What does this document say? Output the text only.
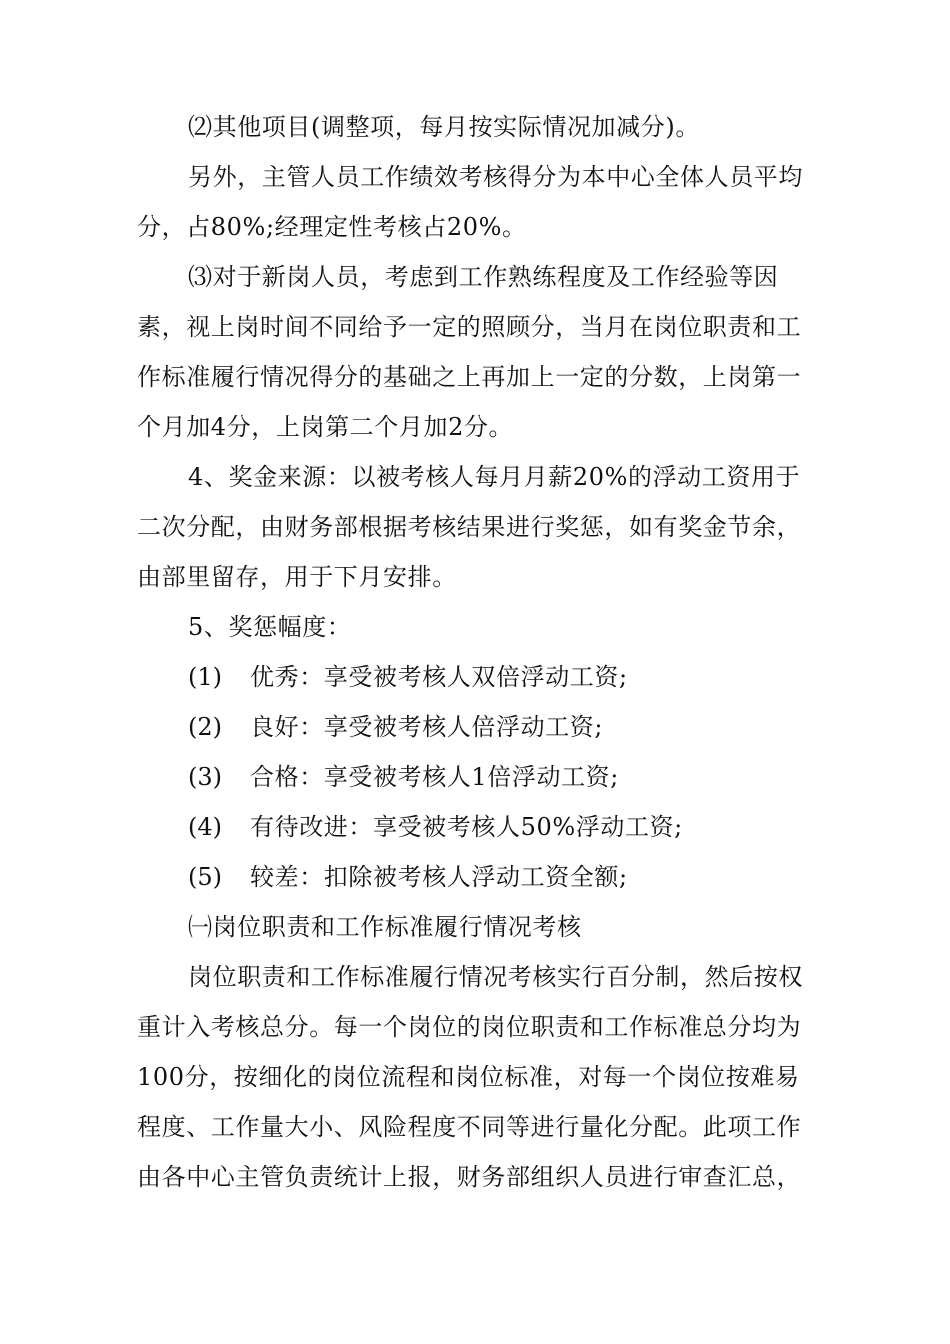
⑵其他项目(调整项，每月按实际情况加减分)。
另外，主管人员工作绩效考核得分为本中心全体人员平均
分，占80%;经理定性考核占20%。
⑶对于新岗人员，考虑到工作熟练程度及工作经验等因
素，视上岗时间不同给予一定的照顾分，当月在岗位职责和工
作标准履行情况得分的基础之上再加上一定的分数，上岗第一
个月加4分，上岗第二个月加2分。
4、奖金来源：以被考核人每月月薪20%的浮动工资用于
二次分配，由财务部根据考核结果进行奖惩，如有奖金节余，
由部里留存，用于下月安排。
5、奖惩幅度：
(1) 优秀：享受被考核人双倍浮动工资;
(2) 良好：享受被考核人倍浮动工资;
(3) 合格：享受被考核人1倍浮动工资;
(4) 有待改进：享受被考核人50%浮动工资;
(5) 较差：扣除被考核人浮动工资全额;
㈠岗位职责和工作标准履行情况考核
岗位职责和工作标准履行情况考核实行百分制，然后按权
重计入考核总分。每一个岗位的岗位职责和工作标准总分均为
100分，按细化的岗位流程和岗位标准，对每一个岗位按难易
程度、工作量大小、风险程度不同等进行量化分配。此项工作
由各中心主管负责统计上报，财务部组织人员进行审查汇总，
